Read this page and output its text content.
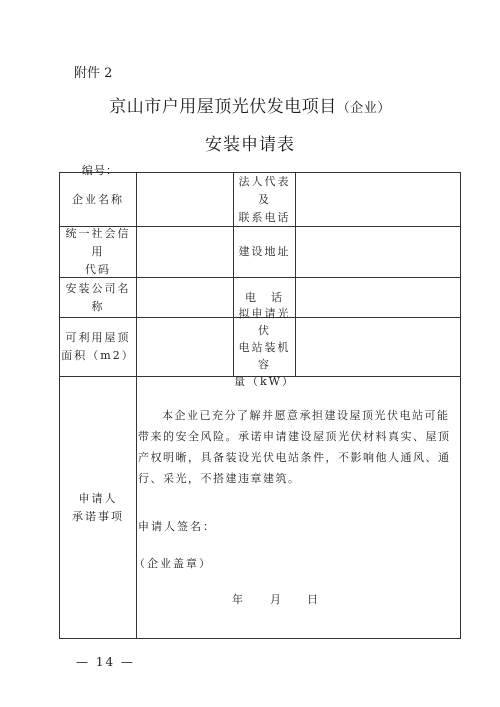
附件 2
京山市户用屋顶光伏发电项目（企业）
安装申请表
编号：
企业名称
法人代表及
联系电话
统一社会信用
代码
建设地址
安装公司名称
电　话
可利用屋顶
面积（m2）
拟申请光伏
电站装机容
量（kW）
申请人
承诺事项
本企业已充分了解并愿意承担建设屋顶光伏电站可能带来的安全风险。承诺申请建设屋顶光伏材料真实、屋顶产权明晰，具备装设光伏电站条件，不影响他人通风、通行、采光，不搭建违章建筑。
申请人签名：
（企业盖章）
年 月 日
— 14 —
